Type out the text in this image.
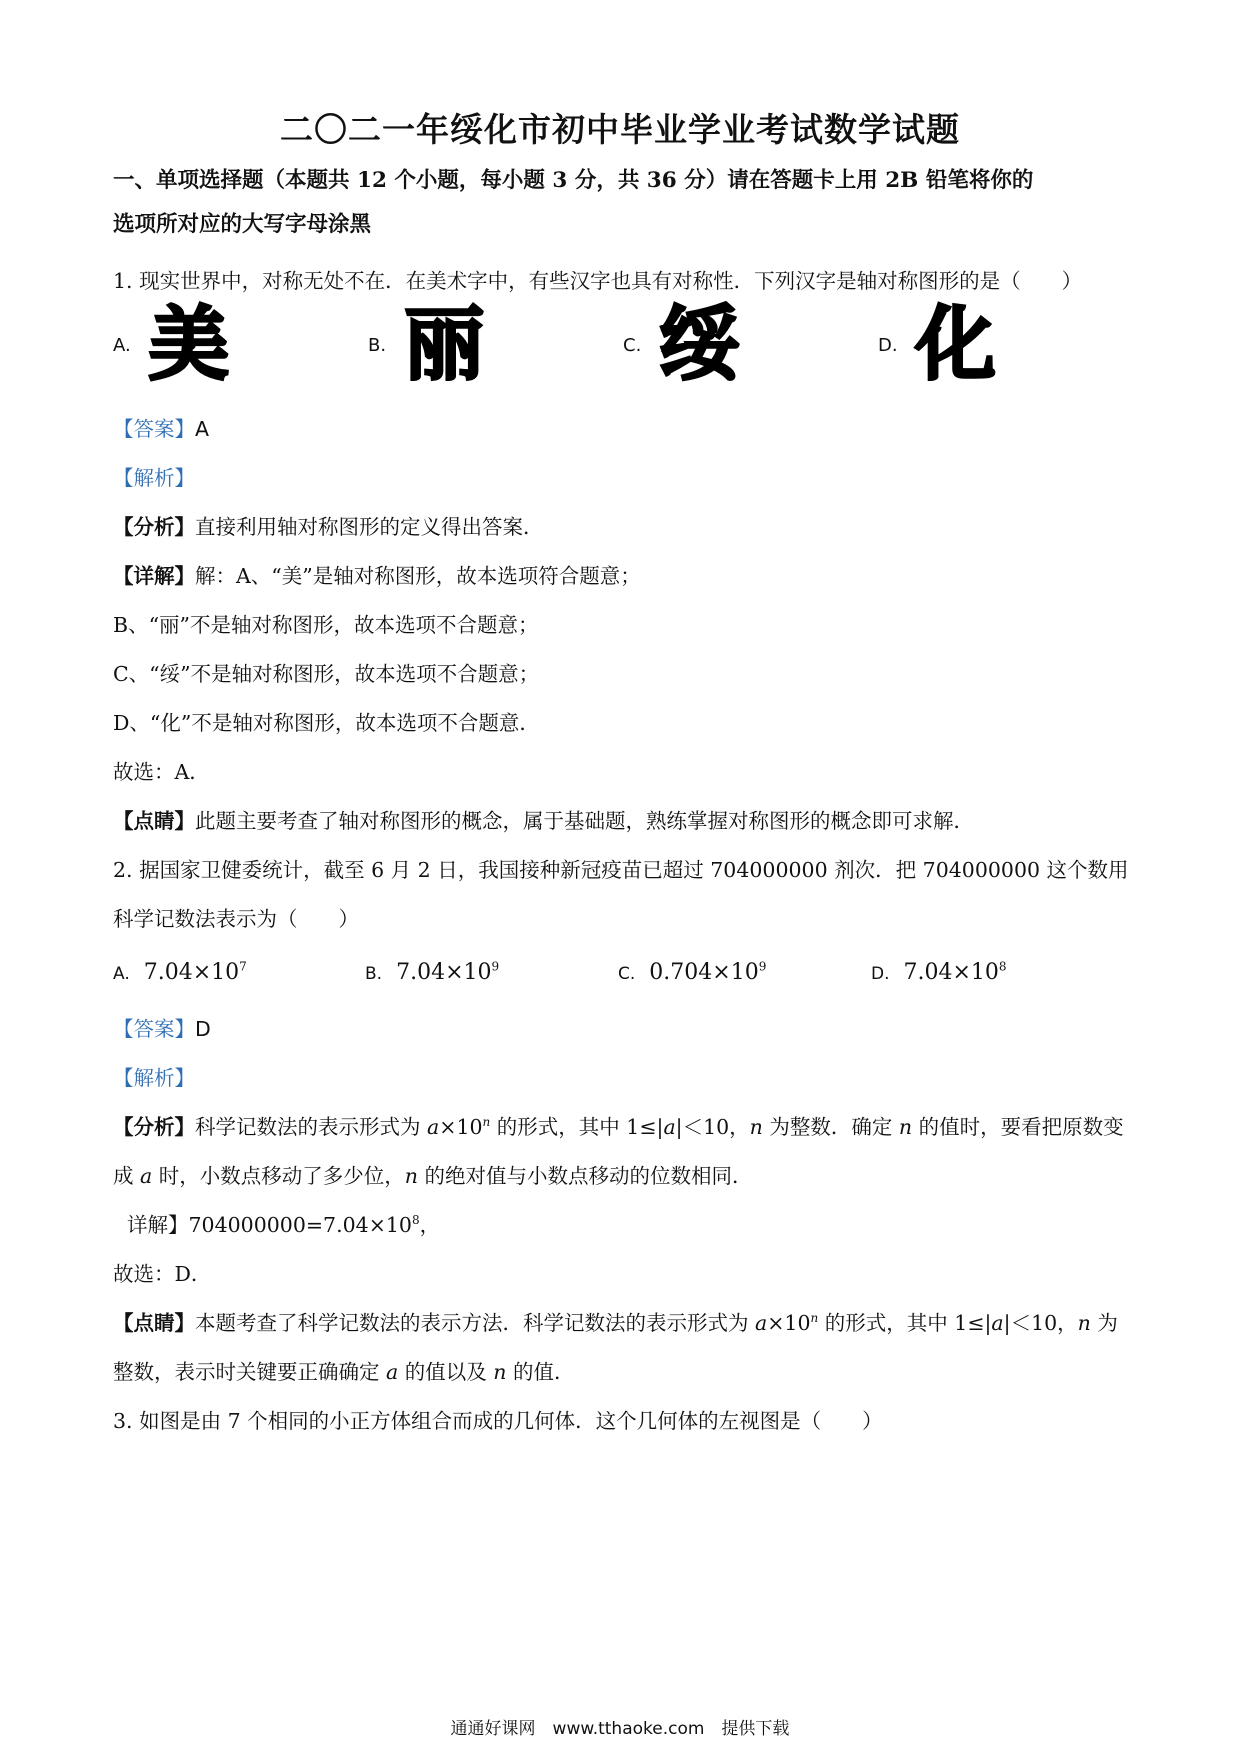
二〇二一年绥化市初中毕业学业考试数学试题
一、单项选择题（本题共 12 个小题，每小题 3 分，共 36 分）请在答题卡上用 2B 铅笔将你的
选项所对应的大写字母涂黑
1. 现实世界中，对称无处不在．在美术字中，有些汉字也具有对称性．下列汉字是轴对称图形的是（　　）
A. 美	B. 丽	C. 绥	D. 化
【答案】A
【解析】
【分析】直接利用轴对称图形的定义得出答案．
【详解】解：A、“美”是轴对称图形，故本选项符合题意；
B、“丽”不是轴对称图形，故本选项不合题意；
C、“绥”不是轴对称图形，故本选项不合题意；
D、“化”不是轴对称图形，故本选项不合题意．
故选：A．
【点睛】此题主要考查了轴对称图形的概念，属于基础题，熟练掌握对称图形的概念即可求解．
2. 据国家卫健委统计，截至 6 月 2 日，我国接种新冠疫苗已超过 704000000 剂次．把 704000000 这个数用
科学记数法表示为（　　）
A. $7.04\times 10^7$	B. $7.04\times 10^9$	C. $0.704\times 10^9$	D. $7.04\times 10^8$
【答案】D
【解析】
【分析】科学记数法的表示形式为 $a\times 10^n$ 的形式，其中 1≤|a|＜10，n 为整数．确定 n 的值时，要看把原数变
成 a 时，小数点移动了多少位，n 的绝对值与小数点移动的位数相同．
详解】$704000000=7.04\times 10^8$，
故选：D．
【点睛】本题考查了科学记数法的表示方法．科学记数法的表示形式为 $a\times 10^n$ 的形式，其中 1≤|a|＜10，n 为
整数，表示时关键要正确确定 a 的值以及 n 的值．
3. 如图是由 7 个相同的小正方体组合而成的几何体．这个几何体的左视图是（　　）
通通好课网　www.tthaoke.com　提供下载
